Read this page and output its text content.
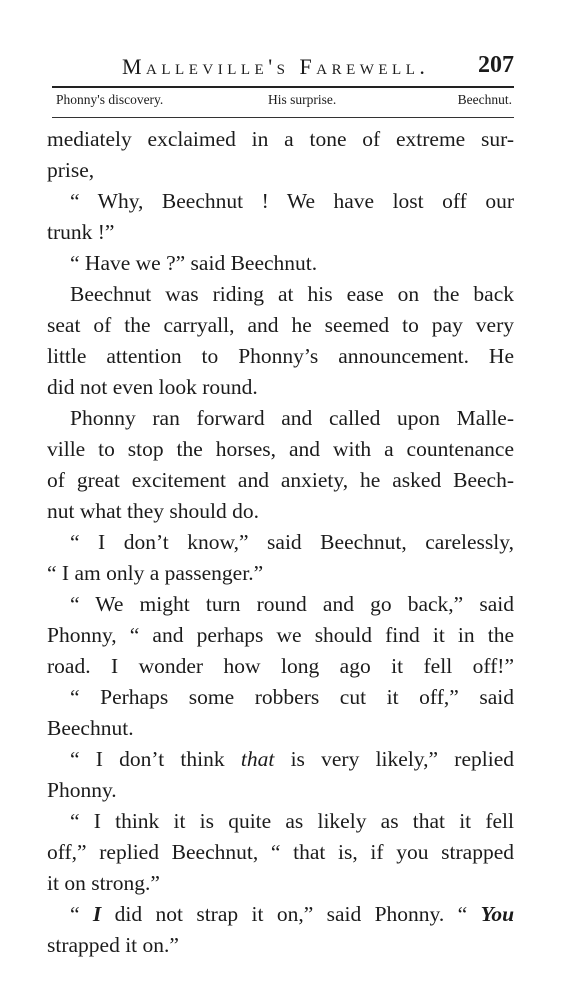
Malleville's Farewell. 207
Phonny's discovery.	His surprise.	Beechnut.
mediately exclaimed in a tone of extreme sur-
prise,
“ Why, Beechnut ! We have lost off our
trunk !”
“ Have we ?” said Beechnut.
Beechnut was riding at his ease on the back
seat of the carryall, and he seemed to pay very
little attention to Phonny’s announcement. He
did not even look round.
Phonny ran forward and called upon Malle-
ville to stop the horses, and with a countenance
of great excitement and anxiety, he asked Beech-
nut what they should do.
“ I don’t know,” said Beechnut, carelessly,
“ I am only a passenger.”
“ We might turn round and go back,” said
Phonny, “ and perhaps we should find it in the
road. I wonder how long ago it fell off!”
“ Perhaps some robbers cut it off,” said
Beechnut.
“ I don’t think that is very likely,” replied
Phonny.
“ I think it is quite as likely as that it fell
off,” replied Beechnut, “ that is, if you strapped
it on strong.”
“ I did not strap it on,” said Phonny. “ You
strapped it on.”
